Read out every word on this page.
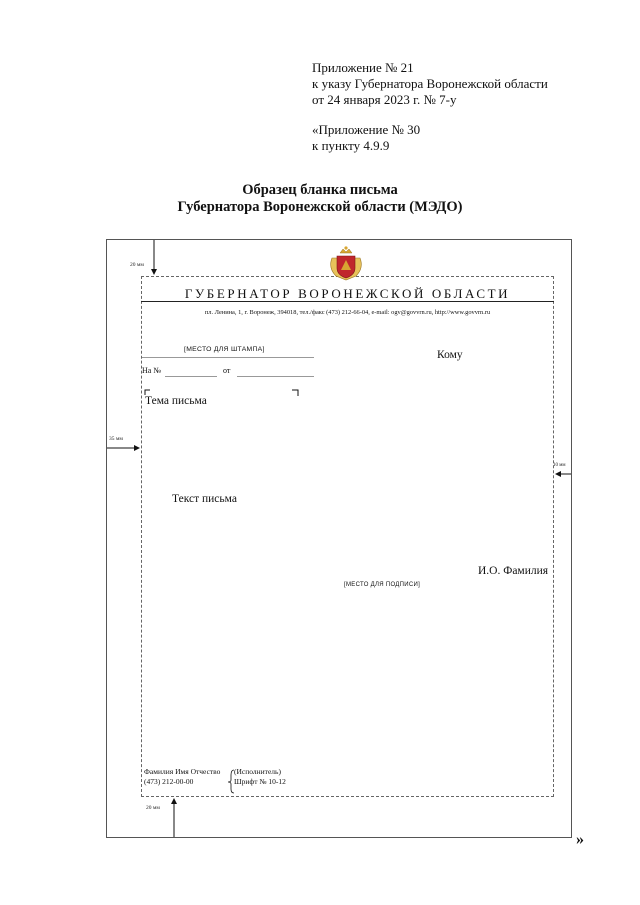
Приложение № 21
к указу Губернатора Воронежской области
от 24 января 2023 г. № 7-у
«Приложение № 30
к пункту 4.9.9
Образец бланка письма
Губернатора Воронежской области (МЭДО)
ГУБЕРНАТОР ВОРОНЕЖСКОЙ ОБЛАСТИ
пл. Ленина, 1, г. Воронеж, 394018, тел./факс (473) 212-66-04, e-mail: ogv@govvrn.ru, http://www.govvrn.ru
[МЕСТО ДЛЯ ШТАМПА]
На №	от
Кому
Тема письма
Текст письма
И.О. Фамилия
[МЕСТО ДЛЯ ПОДПИСИ]
Фамилия Имя Отчество
(473) 212-00-00
(Исполнитель)
Шрифт № 10-12
20 мм
35 мм
10 мм
20 мм
»
